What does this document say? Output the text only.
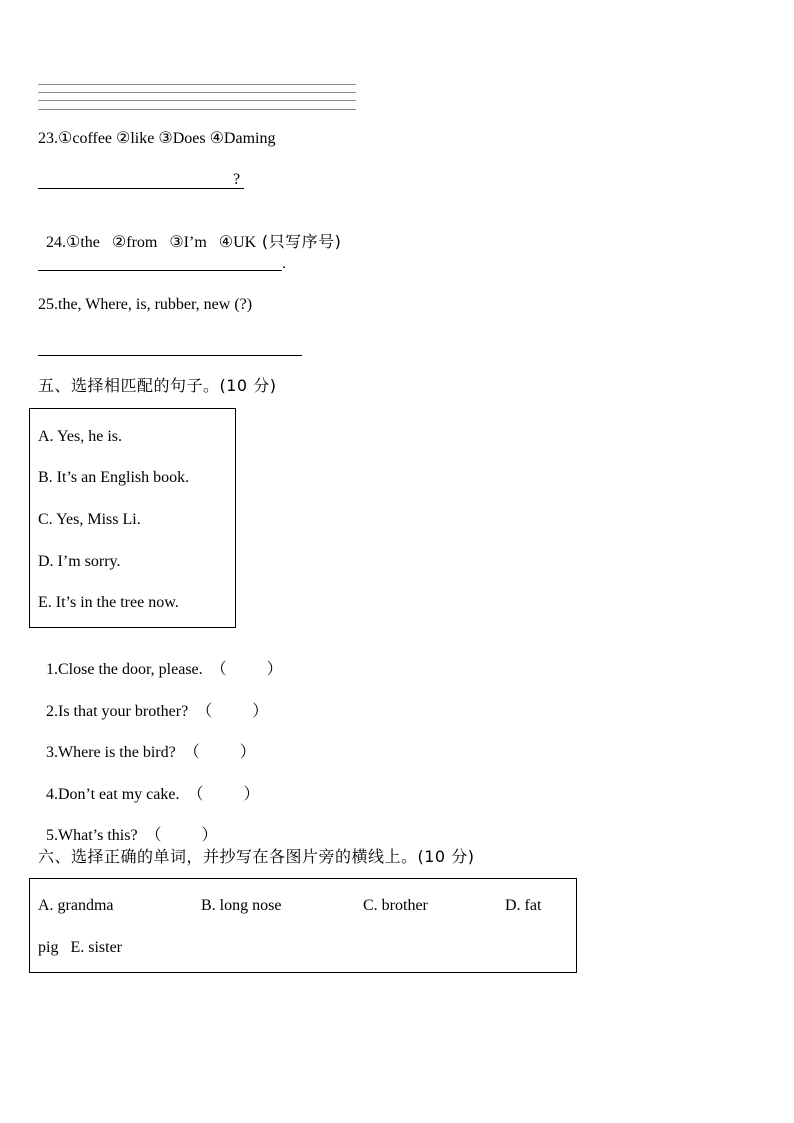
23.①coffee ②like ③Does ④Daming
?

24.①the   ②from   ③I’m   ④UK (只写序号)

.
25.the, Where, is, rubber, new (?)
五、选择相匹配的句子。(10 分)
A. Yes, he is.
B. It’s an English book.
C. Yes, Miss Li.
D. I’m sorry.
E. It’s in the tree now.

1.Close the door, please. （          ）

2.Is that your brother? （          ）

3.Where is the bird? （          ）

4.Don’t eat my cake. （          ）

5.What’s this? （          ）

六、选择正确的单词，并抄写在各图片旁的横线上。(10 分)
A. grandma	B. long nose	C. brother	D. fat
pig   E. sister
